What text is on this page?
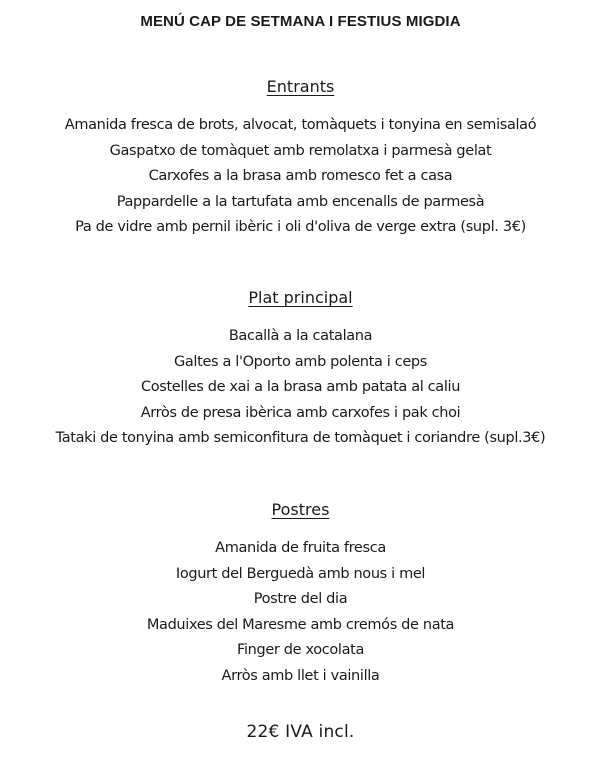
MENÚ CAP DE SETMANA I FESTIUS MIGDIA
Entrants
Amanida fresca de brots, alvocat, tomàquets i tonyina en semisalaó
Gaspatxo de tomàquet amb remolatxa i parmesà gelat
Carxofes a la brasa amb romesco fet a casa
Pappardelle a la tartufata amb encenalls de parmesà
Pa de vidre amb pernil ibèric i oli d'oliva de verge extra (supl. 3€)
Plat principal
Bacallà a la catalana
Galtes a l'Oporto amb polenta i ceps
Costelles de xai a la brasa amb patata al caliu
Arròs de presa ibèrica amb carxofes i pak choi
Tataki de tonyina amb semiconfitura de tomàquet i coriandre (supl.3€)
Postres
Amanida de fruita fresca
Iogurt del Berguedà amb nous i mel
Postre del dia
Maduixes del Maresme amb cremós de nata
Finger de xocolata
Arròs amb llet i vainilla
22€ IVA incl.
